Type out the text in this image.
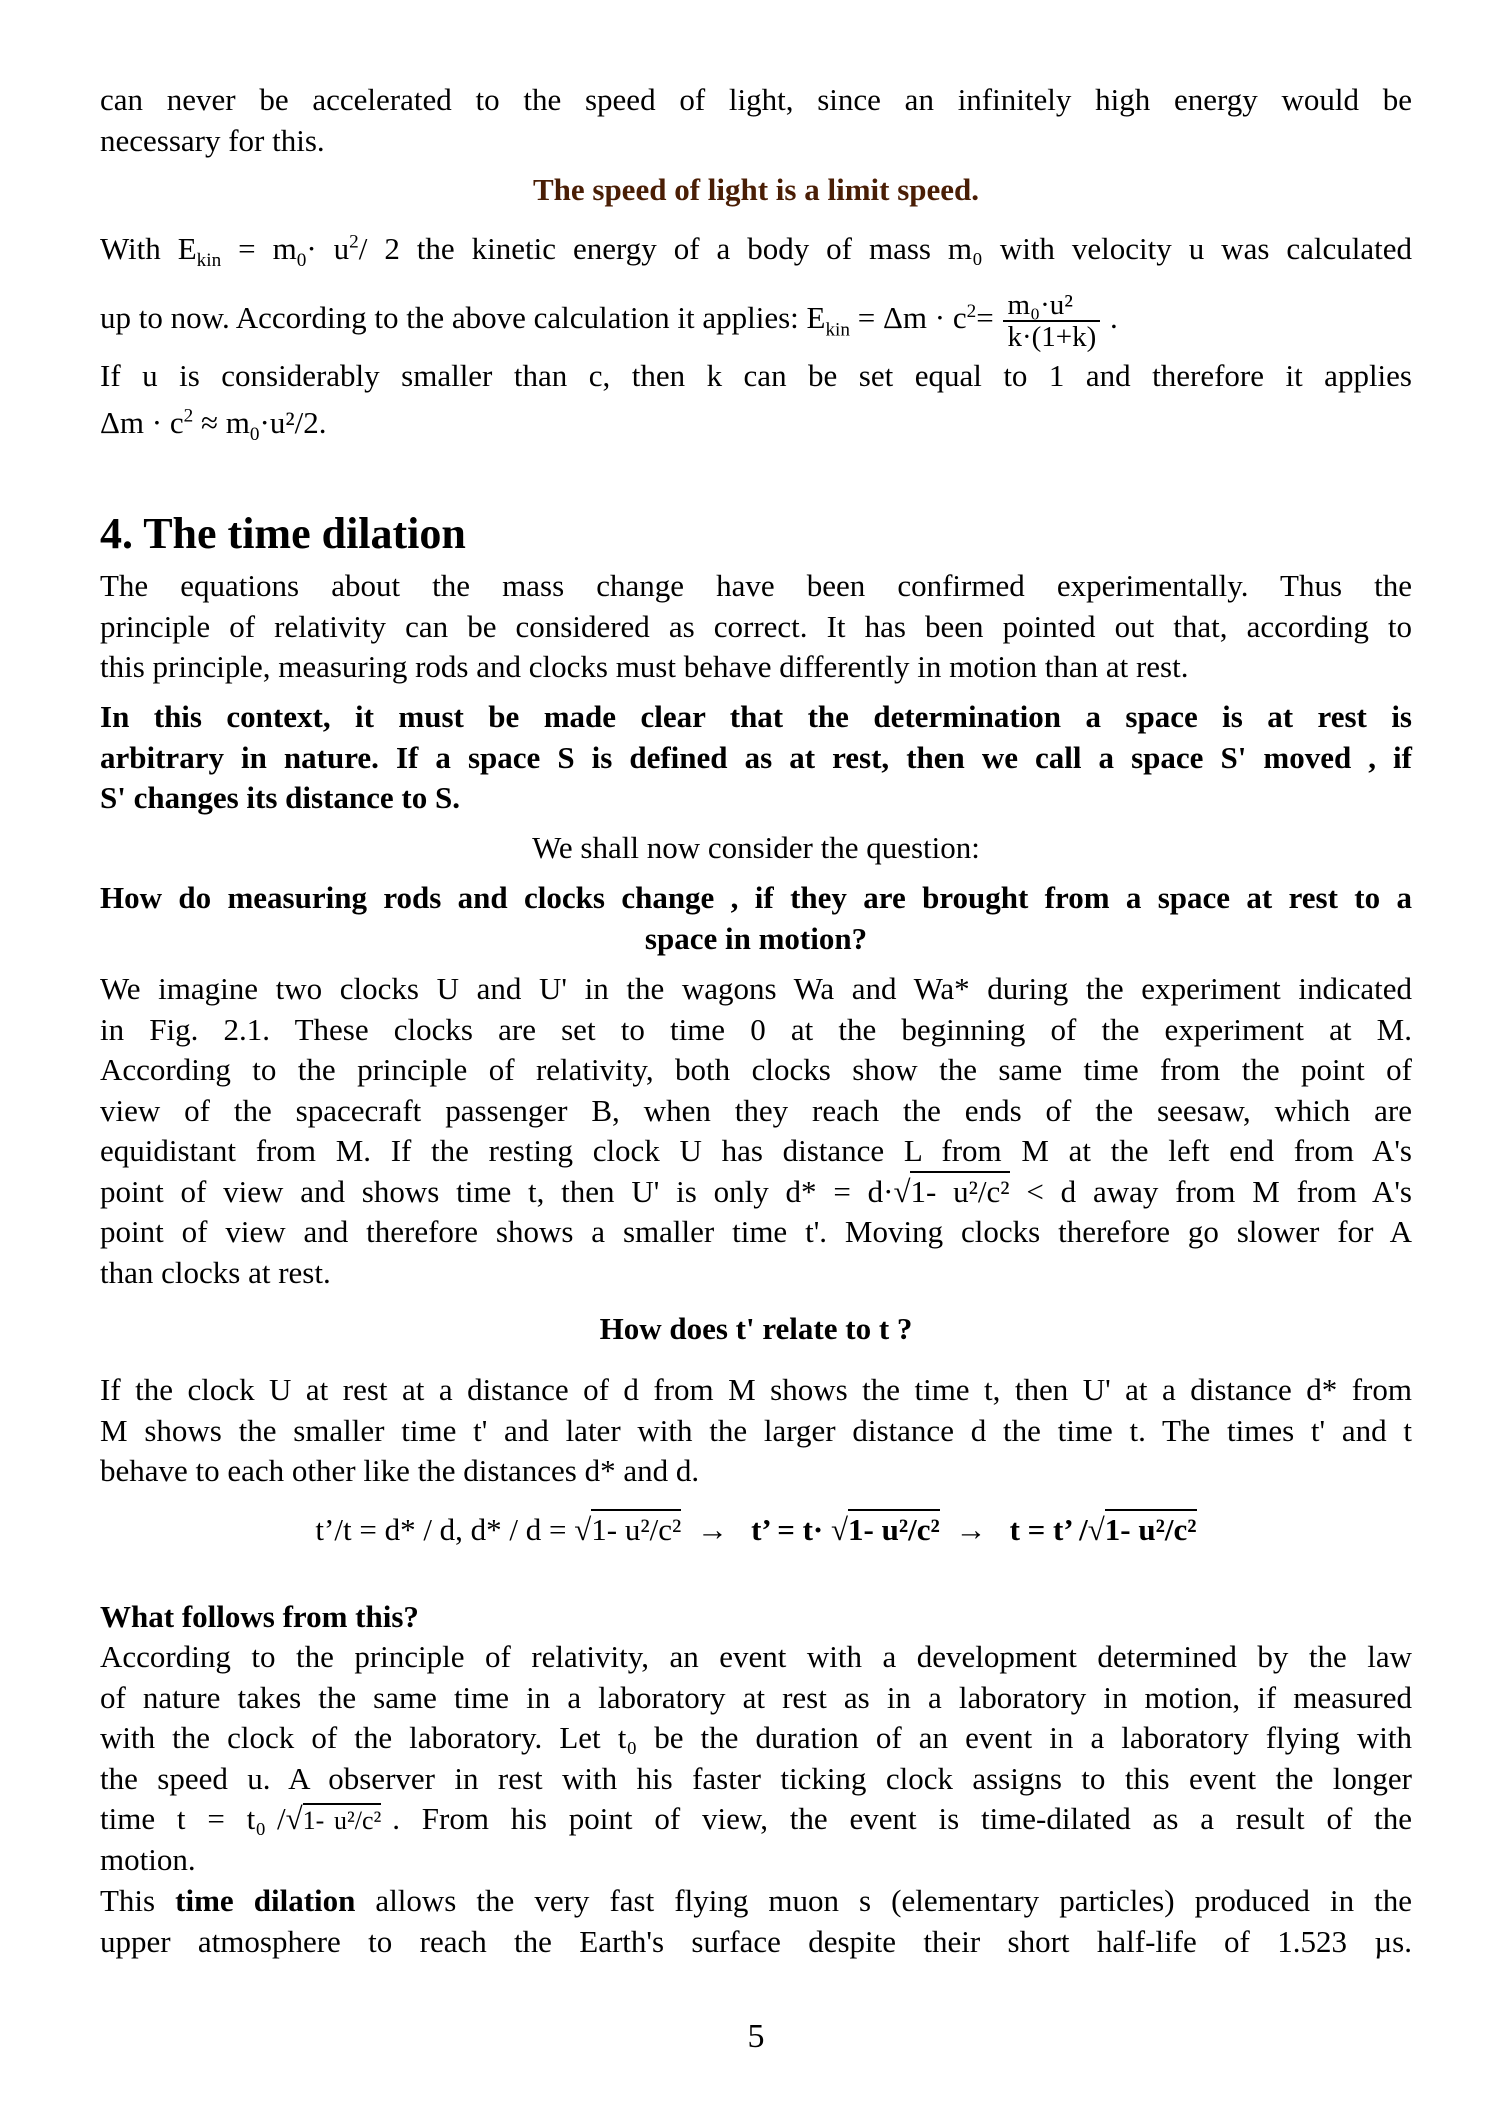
can never be accelerated to the speed of light, since an infinitely high energy would be
necessary for this.
The speed of light is a limit speed.
With $E_{kin} = m_0\cdot u^2/$ 2 the kinetic energy of a body of mass m₀ with velocity u was calculated
up to now. According to the above calculation it applies: $E_{kin} = \Delta m \cdot c^2= \frac{\text{m₀·u²}}{k\cdot(1+k)}$ .
If u is considerably smaller than c, then k can be set equal to 1 and therefore it applies
$\Delta m \cdot c^2 \approx m_0\cdot u^2/2$.
4. The time dilation
The equations about the mass change have been confirmed experimentally. Thus the
principle of relativity can be considered as correct. It has been pointed out that, according to
this principle, measuring rods and clocks must behave differently in motion than at rest.
In this context, it must be made clear that the determination a space is at rest is
arbitrary in nature. If a space S is defined as at rest, then we call a space S' moved , if
S' changes its distance to S.
We shall now consider the question:
How do measuring rods and clocks change , if they are brought from a space at rest to a
space in motion?
We imagine two clocks U and U' in the wagons Wa and Wa* during the experiment indicated
in Fig. 2.1. These clocks are set to time 0 at the beginning of the experiment at M.
According to the principle of relativity, both clocks show the same time from the point of
view of the spacecraft passenger B, when they reach the ends of the seesaw, which are
equidistant from M. If the resting clock U has distance L from M at the left end from A's
point of view and shows time t, then U' is only d* = d·√1- u²/c² < d away from M from A's
point of view and therefore shows a smaller time t'. Moving clocks therefore go slower for A
than clocks at rest.
How does t' relate to t ?
If the clock U at rest at a distance of d from M shows the time t, then U' at a distance d* from
M shows the smaller time t' and later with the larger distance d the time t. The times t' and t
behave to each other like the distances d* and d.
t’/t = d* / d, d* / d = √1- u²/c²  →   t’ = t· √1- u²/c²  →   t = t’ /√1- u²/c²
What follows from this?
According to the principle of relativity, an event with a development determined by the law
of nature takes the same time in a laboratory at rest as in a laboratory in motion, if measured
with the clock of the laboratory. Let t₀ be the duration of an event in a laboratory flying with
the speed u. A observer in rest with his faster ticking clock assigns to this event the longer
time  t  =  t₀ /√1- u²/c² .  From  his  point  of  view,  the  event  is  time-dilated  as  a  result  of  the
motion.
This time dilation allows the very fast flying muon s (elementary particles) produced in the
upper atmosphere to reach the Earth's surface despite their short half-life of 1.523 µs.
5
